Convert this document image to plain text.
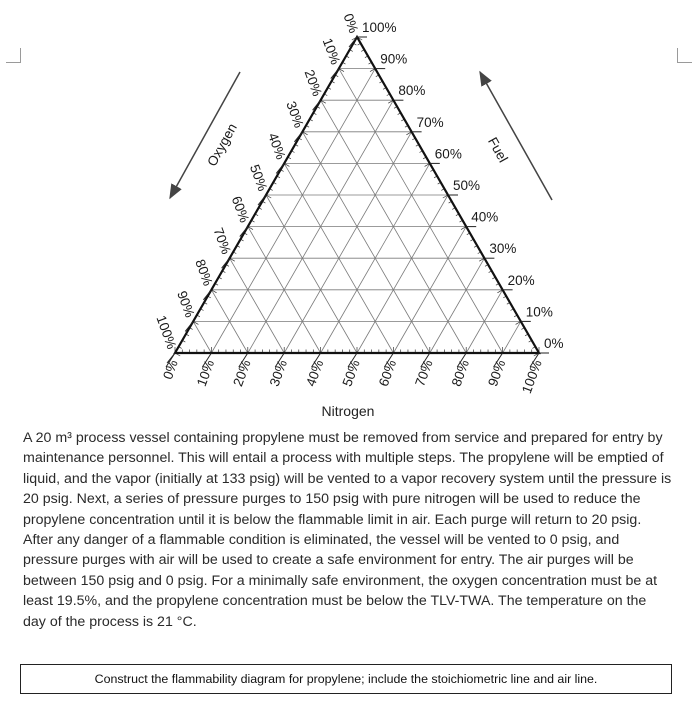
100%
90%
80%
70%
60%
50%
40%
30%
20%
10%
0%
0%
10%
20%
30%
40%
50%
60%
70%
80%
90%
100%
0% 10% 20% 30% 40% 50% 60% 70% 80% 90% 100%
Oxygen	Fuel
Nitrogen

A 20 m³ process vessel containing propylene must be removed from service and prepared for entry by maintenance personnel. This will entail a process with multiple steps. The propylene will be emptied of liquid, and the vapor (initially at 133 psig) will be vented to a vapor recovery system until the pressure is 20 psig. Next, a series of pressure purges to 150 psig with pure nitrogen will be used to reduce the propylene concentration until it is below the flammable limit in air. Each purge will return to 20 psig. After any danger of a flammable condition is eliminated, the vessel will be vented to 0 psig, and pressure purges with air will be used to create a safe environment for entry. The air purges will be between 150 psig and 0 psig. For a minimally safe environment, the oxygen concentration must be at least 19.5%, and the propylene concentration must be below the TLV-TWA. The temperature on the day of the process is 21 °C.

Construct the flammability diagram for propylene; include the stoichiometric line and air line.
